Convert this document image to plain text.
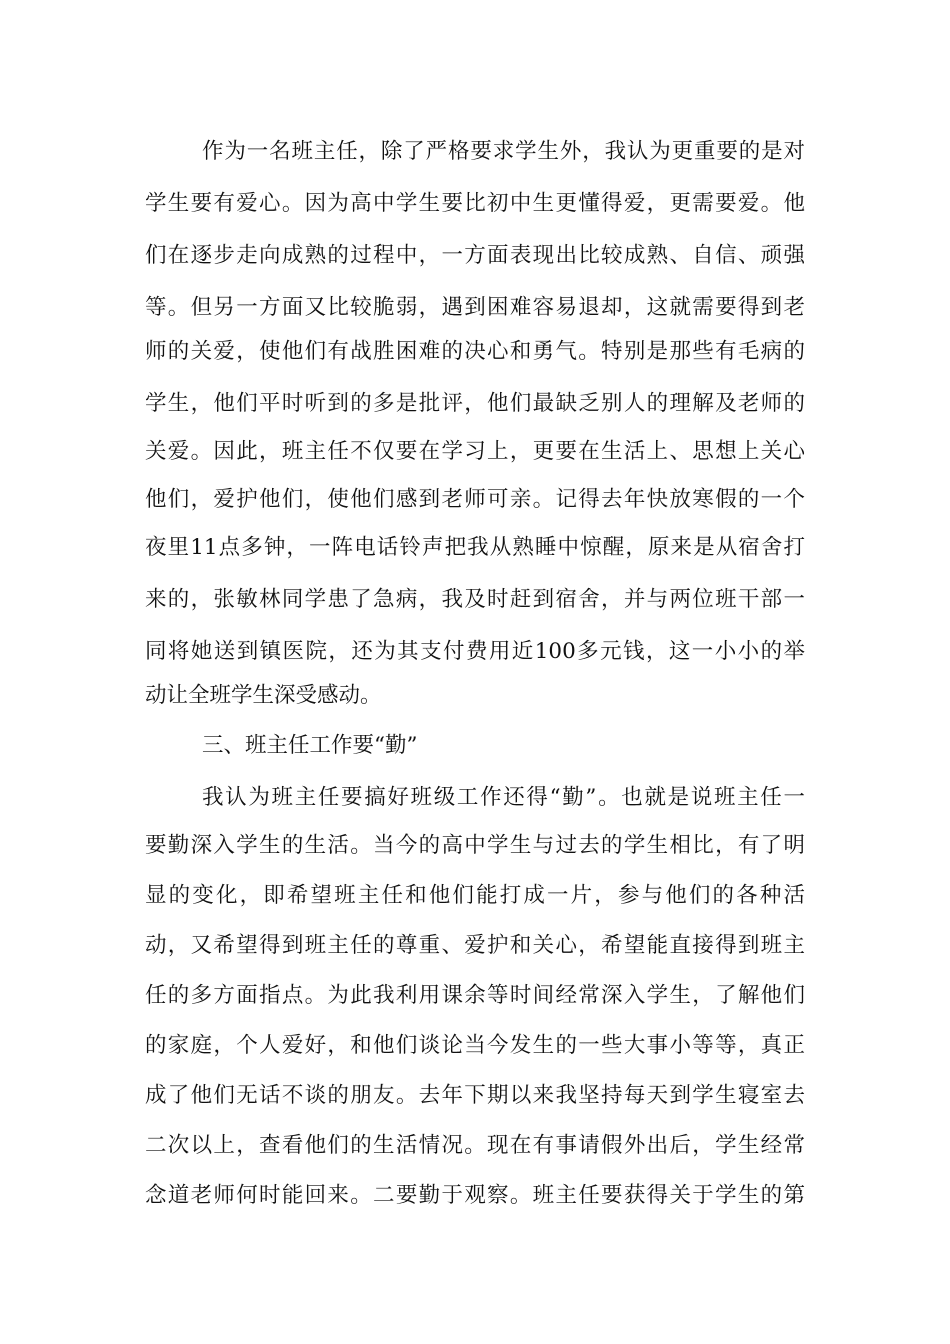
作为一名班主任，除了严格要求学生外，我认为更重要的是对
学生要有爱心。因为高中学生要比初中生更懂得爱，更需要爱。他
们在逐步走向成熟的过程中，一方面表现出比较成熟、自信、顽强
等。但另一方面又比较脆弱，遇到困难容易退却，这就需要得到老
师的关爱，使他们有战胜困难的决心和勇气。特别是那些有毛病的
学生，他们平时听到的多是批评，他们最缺乏别人的理解及老师的
关爱。因此，班主任不仅要在学习上，更要在生活上、思想上关心
他们，爱护他们，使他们感到老师可亲。记得去年快放寒假的一个
夜里11点多钟，一阵电话铃声把我从熟睡中惊醒，原来是从宿舍打
来的，张敏林同学患了急病，我及时赶到宿舍，并与两位班干部一
同将她送到镇医院，还为其支付费用近100多元钱，这一小小的举
动让全班学生深受感动。
三、班主任工作要“勤”
我认为班主任要搞好班级工作还得“勤”。也就是说班主任一
要勤深入学生的生活。当今的高中学生与过去的学生相比，有了明
显的变化，即希望班主任和他们能打成一片，参与他们的各种活
动，又希望得到班主任的尊重、爱护和关心，希望能直接得到班主
任的多方面指点。为此我利用课余等时间经常深入学生，了解他们
的家庭，个人爱好，和他们谈论当今发生的一些大事小等等，真正
成了他们无话不谈的朋友。去年下期以来我坚持每天到学生寝室去
二次以上，查看他们的生活情况。现在有事请假外出后，学生经常
念道老师何时能回来。二要勤于观察。班主任要获得关于学生的第
